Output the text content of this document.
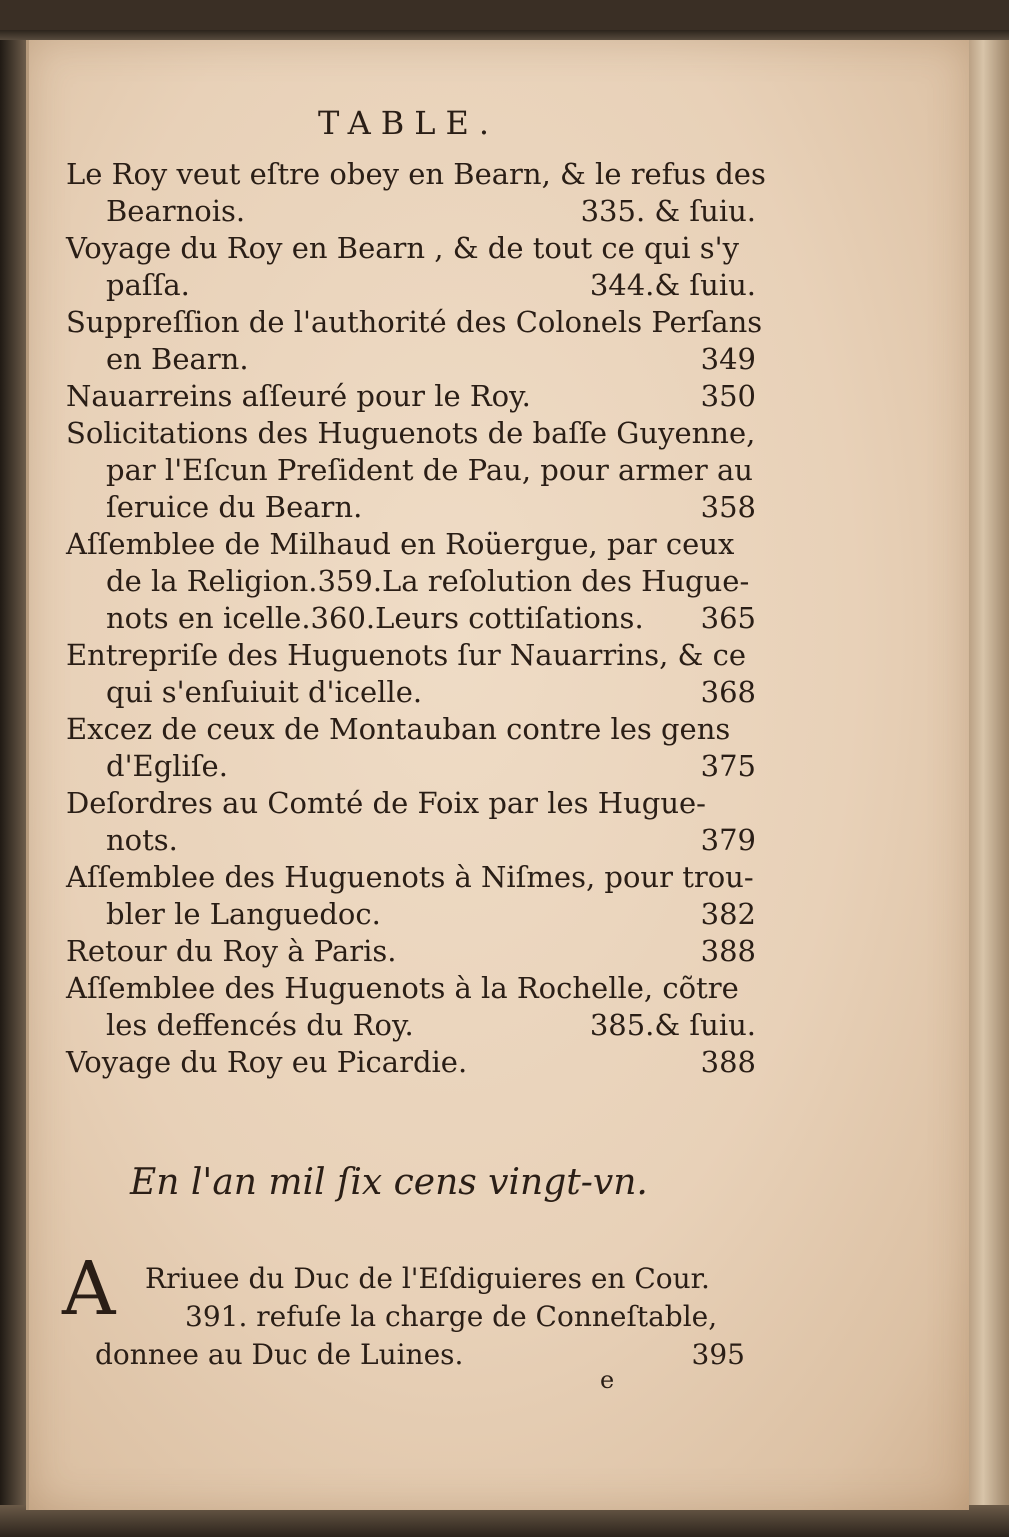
TABLE.
Le Roy veut eſtre obey en Bearn, & le refus des
Bearnois.	335. & ſuiu.
Voyage du Roy en Bearn , & de tout ce qui s'y
paſſa.	344.& ſuiu.
Suppreſſion de l'authorité des Colonels Perſans
en Bearn.	349
Nauarreins aſſeuré pour le Roy.	350
Solicitations des Huguenots de baſſe Guyenne,
par l'Eſcun Preſident de Pau, pour armer au
ſeruice du Bearn.	358
Aſſemblee de Milhaud en Roüergue, par ceux
de la Religion.359.La reſolution des Hugue-
nots en icelle.360.Leurs cottiſations. 365
Entrepriſe des Huguenots ſur Nauarrins, & ce
qui s'enſuiuit d'icelle.	368
Excez de ceux de Montauban contre les gens
d'Egliſe.	375
Deſordres au Comté de Foix par les Hugue-
nots.	379
Aſſemblee des Huguenots à Niſmes, pour trou-
bler le Languedoc.	382
Retour du Roy à Paris.	388
Aſſemblee des Huguenots à la Rochelle, cõtre
les deffencés du Roy.	385.& ſuiu.
Voyage du Roy eu Picardie.	388
En l'an mil ſix cens vingt-vn.
A Rriuee du Duc de l'Eſdiguieres en Cour.
391. refuſe la charge de Conneſtable,
donnee au Duc de Luines.	395
e
